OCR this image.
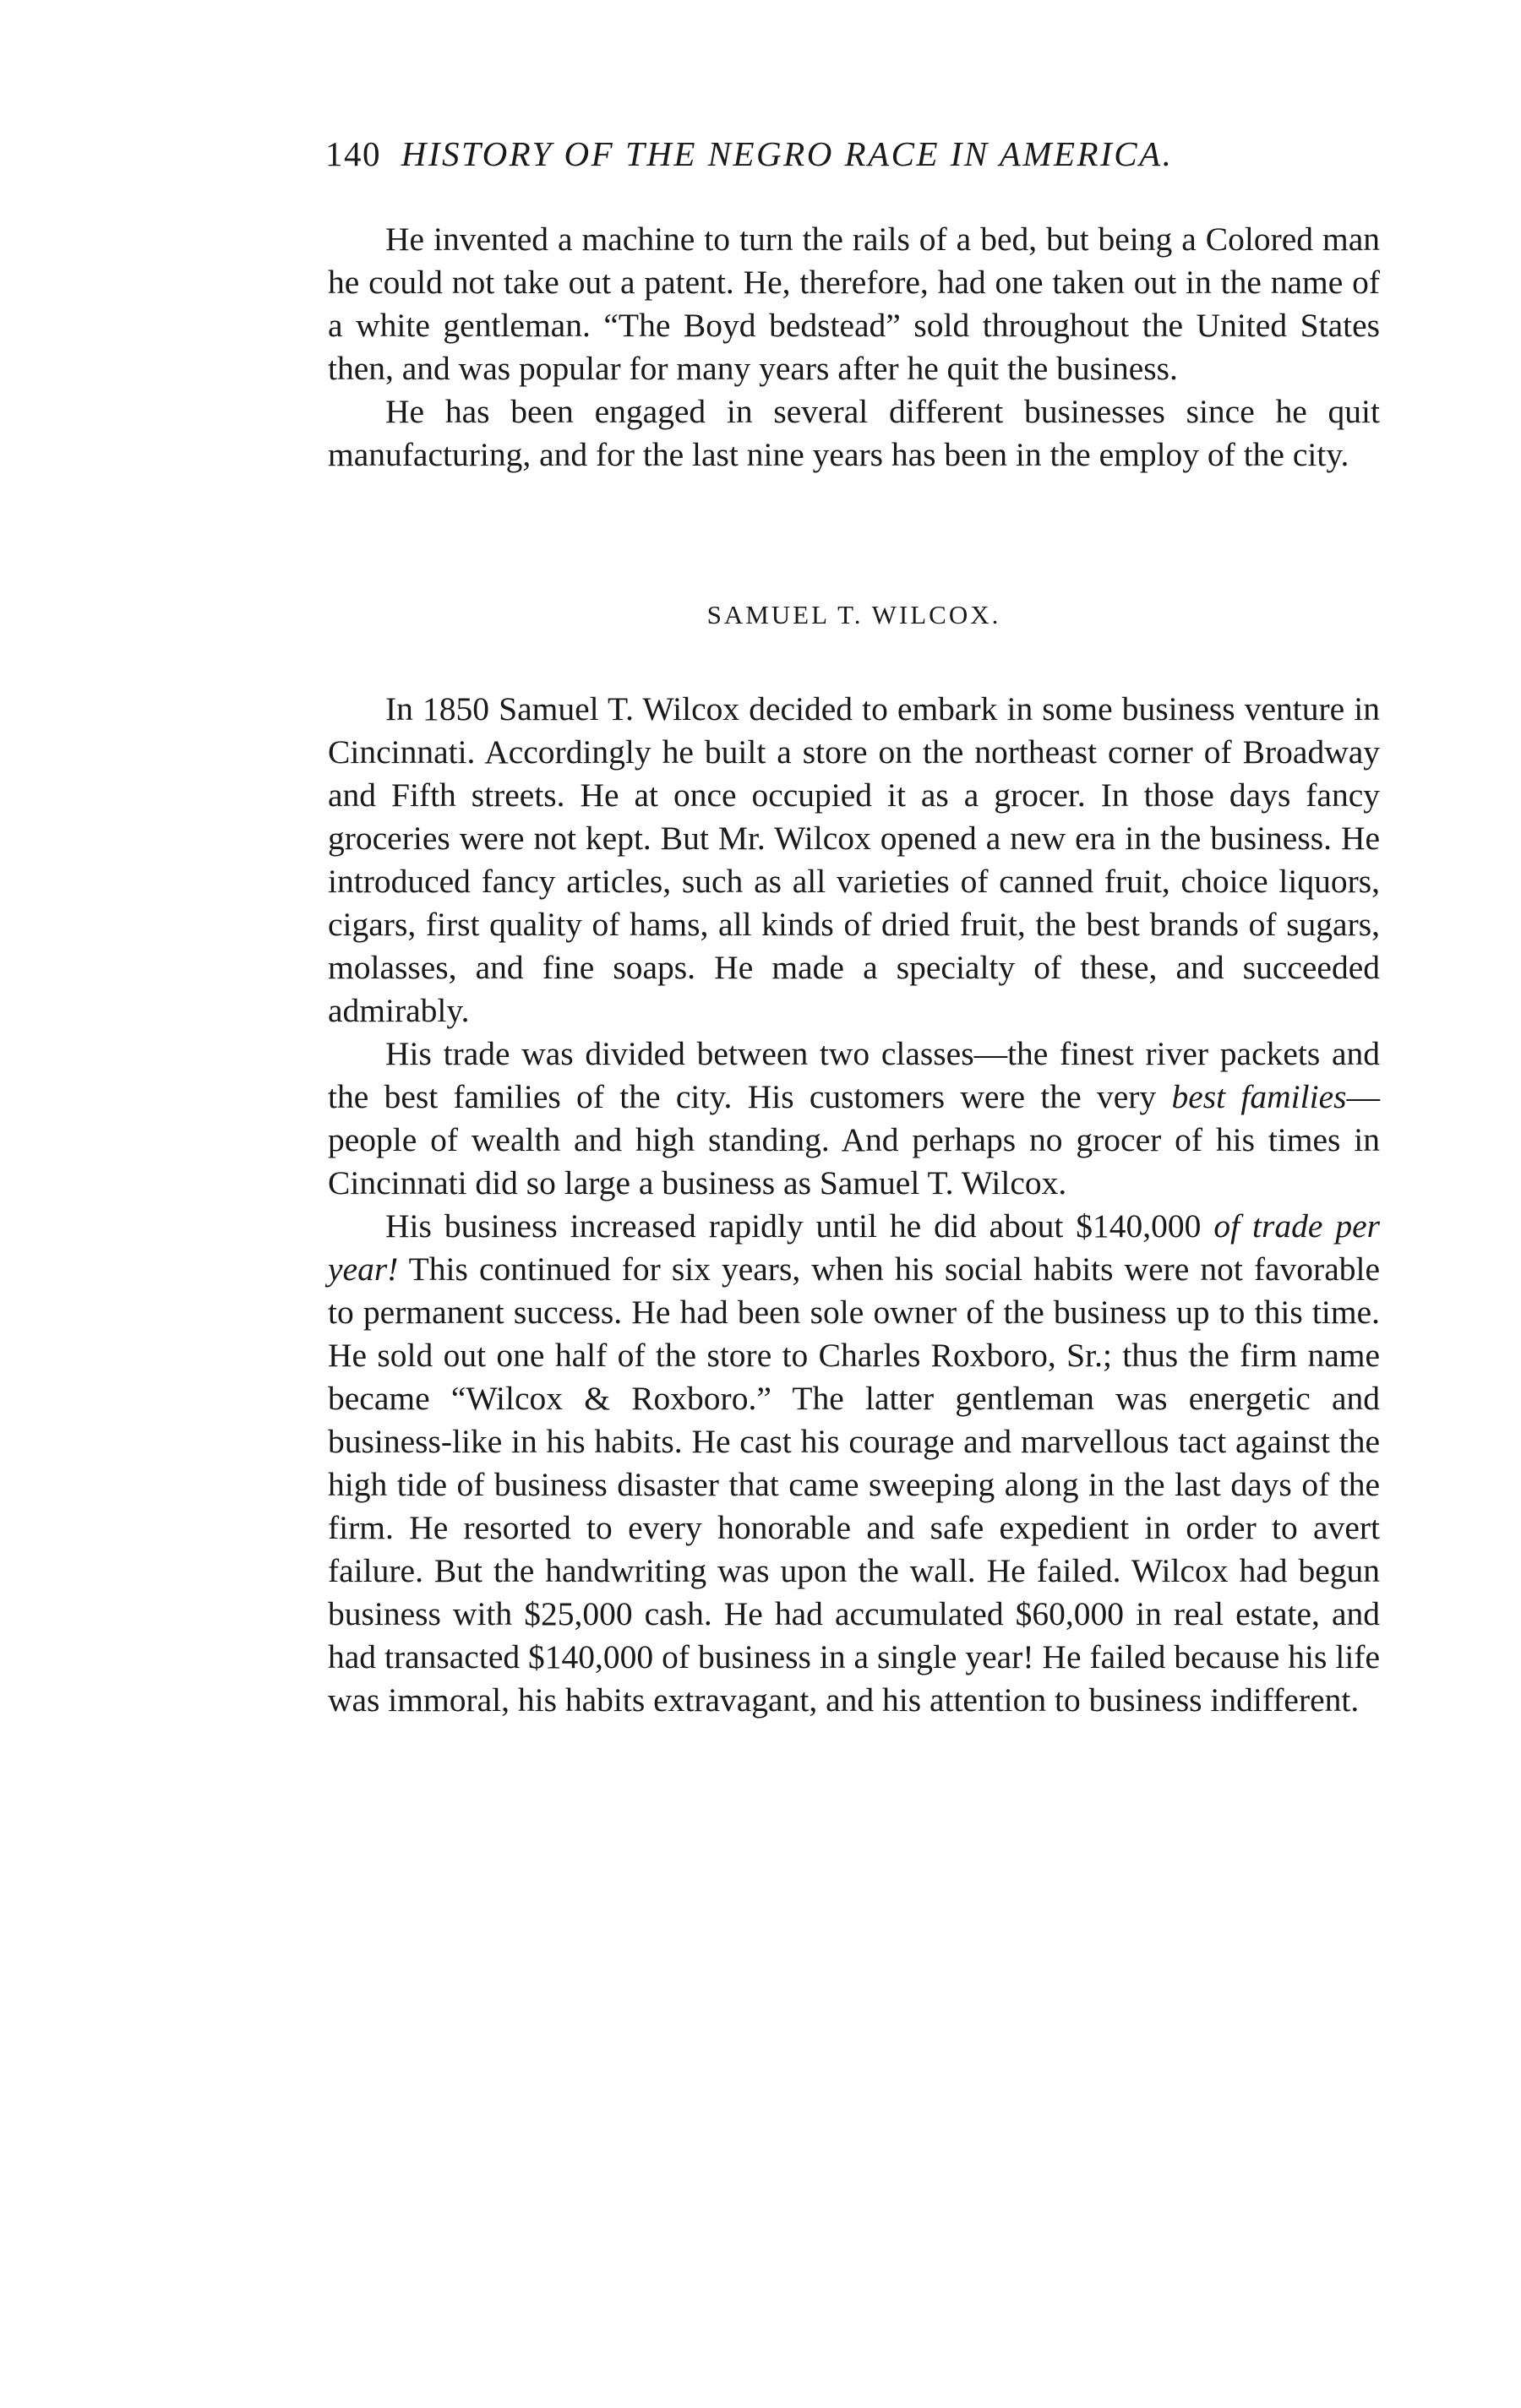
140 HISTORY OF THE NEGRO RACE IN AMERICA.

He invented a machine to turn the rails of a bed, but being a Colored man he could not take out a patent. He, therefore, had one taken out in the name of a white gentleman. “The Boyd bedstead” sold throughout the United States then, and was popular for many years after he quit the business.

He has been engaged in several different businesses since he quit manufacturing, and for the last nine years has been in the employ of the city.

SAMUEL T. WILCOX.

In 1850 Samuel T. Wilcox decided to embark in some business venture in Cincinnati. Accordingly he built a store on the northeast corner of Broadway and Fifth streets. He at once occupied it as a grocer. In those days fancy groceries were not kept. But Mr. Wilcox opened a new era in the business. He introduced fancy articles, such as all varieties of canned fruit, choice liquors, cigars, first quality of hams, all kinds of dried fruit, the best brands of sugars, molasses, and fine soaps. He made a specialty of these, and succeeded admirably.

His trade was divided between two classes—the finest river packets and the best families of the city. His customers were the very best families—people of wealth and high standing. And perhaps no grocer of his times in Cincinnati did so large a business as Samuel T. Wilcox.

His business increased rapidly until he did about $140,000 of trade per year! This continued for six years, when his social habits were not favorable to permanent success. He had been sole owner of the business up to this time. He sold out one half of the store to Charles Roxboro, Sr.; thus the firm name became “Wilcox & Roxboro.” The latter gentleman was energetic and business-like in his habits. He cast his courage and marvellous tact against the high tide of business disaster that came sweeping along in the last days of the firm. He resorted to every honorable and safe expedient in order to avert failure. But the handwriting was upon the wall. He failed. Wilcox had begun business with $25,000 cash. He had accumulated $60,000 in real estate, and had transacted $140,000 of business in a single year! He failed because his life was immoral, his habits extravagant, and his attention to business indifferent.
